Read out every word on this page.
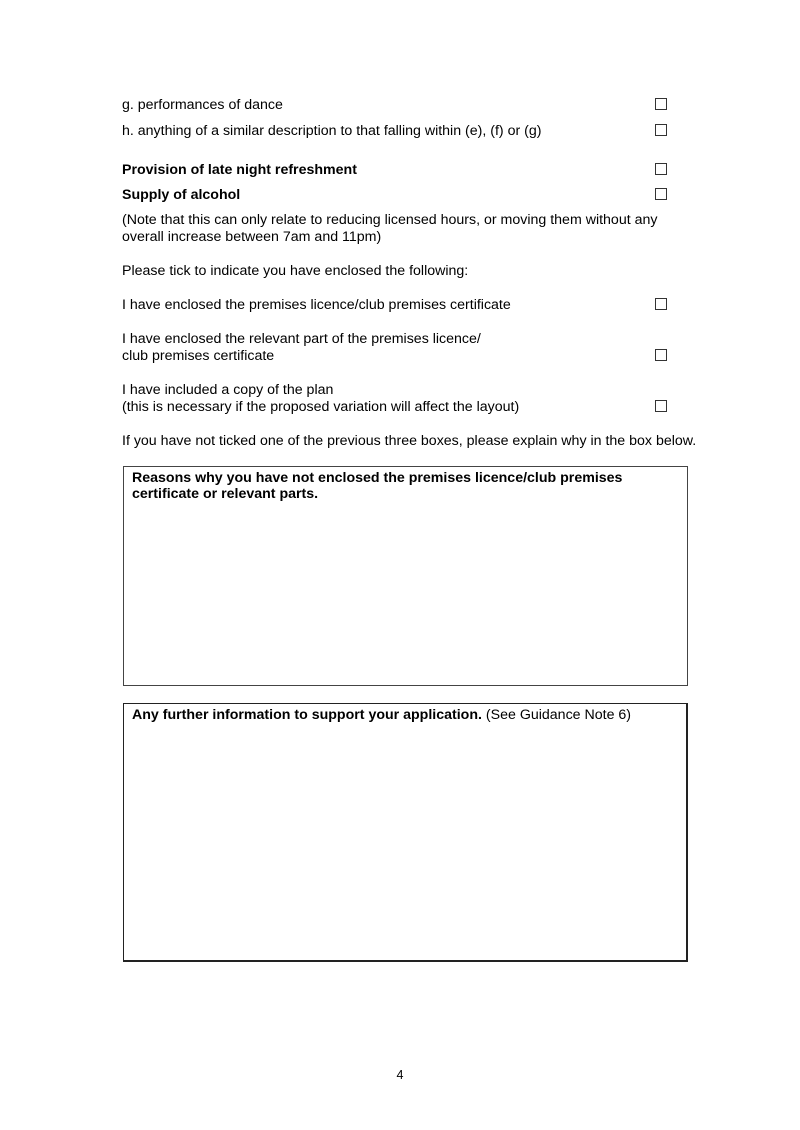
g. performances of dance
h. anything of a similar description to that falling within (e), (f) or (g)
Provision of late night refreshment
Supply of alcohol
(Note that this can only relate to reducing licensed hours, or moving them without any
overall increase between 7am and 11pm)
Please tick to indicate you have enclosed the following:
I have enclosed the premises licence/club premises certificate
I have enclosed the relevant part of the premises licence/
club premises certificate
I have included a copy of the plan
(this is necessary if the proposed variation will affect the layout)
If you have not ticked one of the previous three boxes, please explain why in the box below.
Reasons why you have not enclosed the premises licence/club premises
certificate or relevant parts.
Any further information to support your application. (See Guidance Note 6)
4
